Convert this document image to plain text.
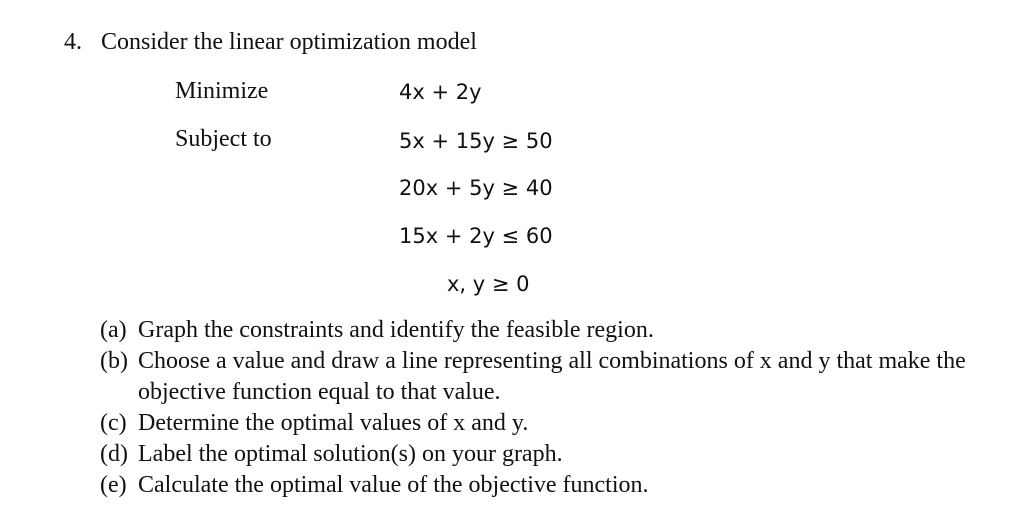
4. Consider the linear optimization model
Minimize
Subject to
4x + 2y
5x + 15y ≥ 50
20x + 5y ≥ 40
15x + 2y ≤ 60
x, y ≥ 0
(a) Graph the constraints and identify the feasible region.
(b) Choose a value and draw a line representing all combinations of x and y that make the objective function equal to that value.
(c) Determine the optimal values of x and y.
(d) Label the optimal solution(s) on your graph.
(e) Calculate the optimal value of the objective function.
